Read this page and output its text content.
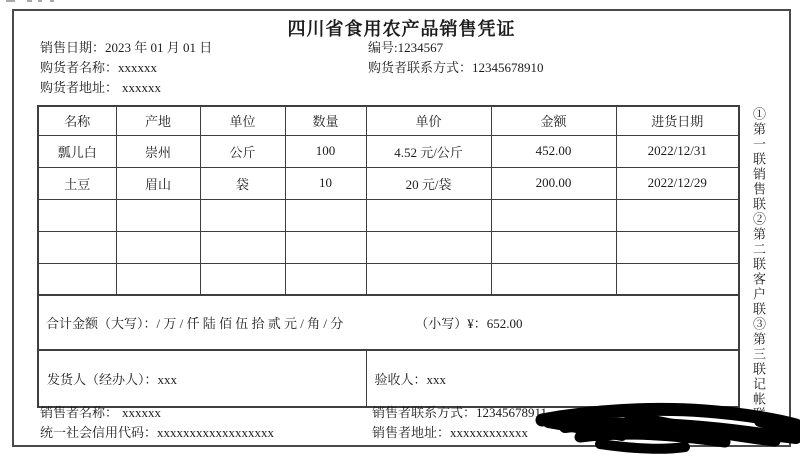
四川省食用农产品销售凭证
销售日期：2023 年 01 月 01 日	编号:1234567
购货者名称：xxxxxx	购货者联系方式：12345678910
购货者地址： xxxxxx
名称	产地	单位	数量	单价	金额	进货日期
瓢儿白	崇州	公斤	100	4.52 元/公斤	452.00	2022/12/31
土豆	眉山	袋	10	20 元/袋	200.00	2022/12/29

合计金额（大写）：/ 万 / 仟 陆 佰 伍 拾 贰 元 / 角 / 分 （小写）¥：652.00						
发货人（经办人）：xxx				验收人：xxx		
销售者名称： xxxxxx	销售者联系方式：12345678911
统一社会信用代码：xxxxxxxxxxxxxxxxxx	销售者地址：xxxxxxxxxxxx
①第一联销售联②第二联客户联③第三联记帐联
